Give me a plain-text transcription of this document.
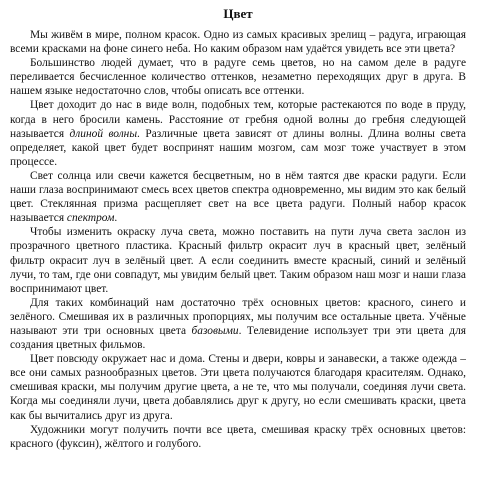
Цвет

Мы живём в мире, полном красок. Одно из самых красивых зрелищ – радуга, играющая всеми красками на фоне синего неба. Но каким образом нам удаётся увидеть все эти цвета?

Большинство людей думает, что в радуге семь цветов, но на самом деле в радуге переливается бесчисленное количество оттенков, незаметно переходящих друг в друга. В нашем языке недостаточно слов, чтобы описать все оттенки.

Цвет доходит до нас в виде волн, подобных тем, которые растекаются по воде в пруду, когда в него бросили камень. Расстояние от гребня одной волны до гребня следующей называется длиной волны. Различные цвета зависят от длины волны. Длина волны света определяет, какой цвет будет воспринят нашим мозгом, сам мозг тоже участвует в этом процессе.

Свет солнца или свечи кажется бесцветным, но в нём таятся две краски радуги. Если наши глаза воспринимают смесь всех цветов спектра одновременно, мы видим это как белый цвет. Стеклянная призма расщепляет свет на все цвета радуги. Полный набор красок называется спектром.

Чтобы изменить окраску луча света, можно поставить на пути луча света заслон из прозрачного цветного пластика. Красный фильтр окрасит луч в красный цвет, зелёный фильтр окрасит луч в зелёный цвет. А если соединить вместе красный, синий и зелёный лучи, то там, где они совпадут, мы увидим белый цвет. Таким образом наш мозг и наши глаза воспринимают цвет.

Для таких комбинаций нам достаточно трёх основных цветов: красного, синего и зелёного. Смешивая их в различных пропорциях, мы получим все остальные цвета. Учёные называют эти три основных цвета базовыми. Телевидение использует три эти цвета для создания цветных фильмов.

Цвет повсюду окружает нас и дома. Стены и двери, ковры и занавески, а также одежда – все они самых разнообразных цветов. Эти цвета получаются благодаря красителям. Однако, смешивая краски, мы получим другие цвета, а не те, что мы получали, соединяя лучи света. Когда мы соединяли лучи, цвета добавлялись друг к другу, но если смешивать краски, цвета как бы вычитались друг из друга.

Художники могут получить почти все цвета, смешивая краску трёх основных цветов: красного (фуксин), жёлтого и голубого.
